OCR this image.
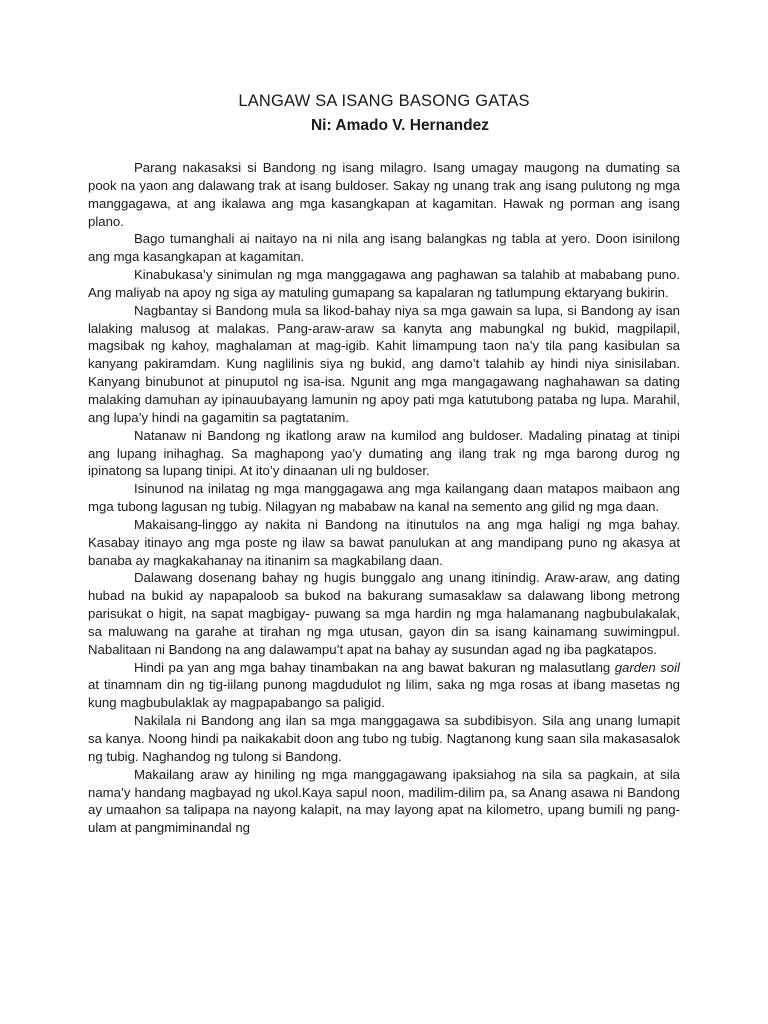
LANGAW SA ISANG BASONG GATAS
Ni: Amado V. Hernandez

Parang nakasaksi si Bandong ng isang milagro. Isang umagay maugong na dumating sa pook na yaon ang dalawang trak at isang buldoser. Sakay ng unang trak ang isang pulutong ng mga manggagawa, at ang ikalawa ang mga kasangkapan at kagamitan. Hawak ng porman ang isang plano.

Bago tumanghali ai naitayo na ni nila ang isang balangkas ng tabla at yero. Doon isinilong ang mga kasangkapan at kagamitan.

Kinabukasa’y sinimulan ng mga manggagawa ang paghawan sa talahib at mababang puno. Ang maliyab na apoy ng siga ay matuling gumapang sa kapalaran ng tatlumpung ektaryang bukirin.

Nagbantay si Bandong mula sa likod-bahay niya sa mga gawain sa lupa, si Bandong ay isan lalaking malusog at malakas. Pang-araw-araw sa kanyta ang mabungkal ng bukid, magpilapil, magsibak ng kahoy, maghalaman at mag-igib. Kahit limampung taon na’y tila pang kasibulan sa kanyang pakiramdam. Kung naglilinis siya ng bukid, ang damo’t talahib ay hindi niya sinisilaban. Kanyang binubunot at pinuputol ng isa-isa. Ngunit ang mga mangagawang naghahawan sa dating malaking damuhan ay ipinauubayang lamunin ng apoy pati mga katutubong pataba ng lupa. Marahil, ang lupa’y hindi na gagamitin sa pagtatanim.

Natanaw ni Bandong ng ikatlong araw na kumilod ang buldoser. Madaling pinatag at tinipi ang lupang inihaghag. Sa maghapong yao’y dumating ang ilang trak ng mga barong durog ng ipinatong sa lupang tinipi. At ito’y dinaanan uli ng buldoser.

Isinunod na inilatag ng mga manggagawa ang mga kailangang daan matapos maibaon ang mga tubong lagusan ng tubig. Nilagyan ng mababaw na kanal na semento ang gilid ng mga daan.

Makaisang-linggo ay nakita ni Bandong na itinutulos na ang mga haligi ng mga bahay. Kasabay itinayo ang mga poste ng ilaw sa bawat panulukan at ang mandipang puno ng akasya at banaba ay magkakahanay na itinanim sa magkabilang daan.

Dalawang dosenang bahay ng hugis bunggalo ang unang itinindig. Araw-araw, ang dating hubad na bukid ay napapaloob sa bukod na bakurang sumasaklaw sa dalawang libong metrong parisukat o higit, na sapat magbigay- puwang sa mga hardin ng mga halamanang nagbubulakalak, sa maluwang na garahe at tirahan ng mga utusan, gayon din sa isang kainamang suwimingpul. Nabalitaan ni Bandong na ang dalawampu’t apat na bahay ay susundan agad ng iba pagkatapos.

Hindi pa yan ang mga bahay tinambakan na ang bawat bakuran ng malasutlang garden soil at tinamnam din ng tig-iilang punong magdudulot ng lilim, saka ng mga rosas at ibang masetas ng kung magbubulaklak ay magpapabango sa paligid.

Nakilala ni Bandong ang ilan sa mga manggagawa sa subdibisyon. Sila ang unang lumapit sa kanya. Noong hindi pa naikakabit doon ang tubo ng tubig. Nagtanong kung saan sila makasasalok ng tubig. Naghandog ng tulong si Bandong.

Makailang araw ay hiniling ng mga manggagawang ipaksiahog na sila sa pagkain, at sila nama’y handang magbayad ng ukol.Kaya sapul noon, madilim-dilim pa, sa Anang asawa ni Bandong ay umaahon sa talipapa na nayong kalapit, na may layong apat na kilometro, upang bumili ng pang-ulam at pangmiminandal ng
